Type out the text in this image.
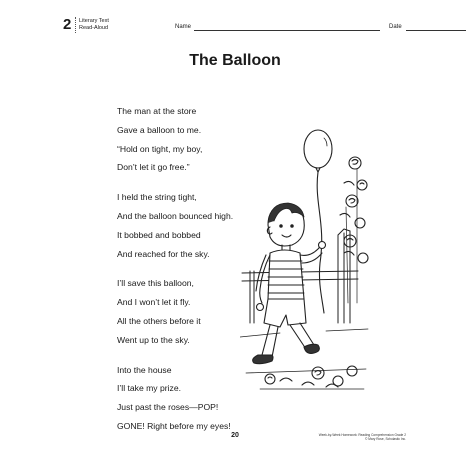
2 Literary Text
Read-Aloud	Name	Date
The Balloon
The man at the store
Gave a balloon to me.
“Hold on tight, my boy,
Don’t let it go free.”
I held the string tight,
And the balloon bounced high.
It bobbed and bobbed
And reached for the sky.
I’ll save this balloon,
And I won’t let it fly.
All the others before it
Went up to the sky.
Into the house
I’ll take my prize.
Just past the roses—POP!
GONE! Right before my eyes!
20	Week-by-Week Homework: Reading Comprehension Grade 2
© Mary Rose, Scholastic Inc.
